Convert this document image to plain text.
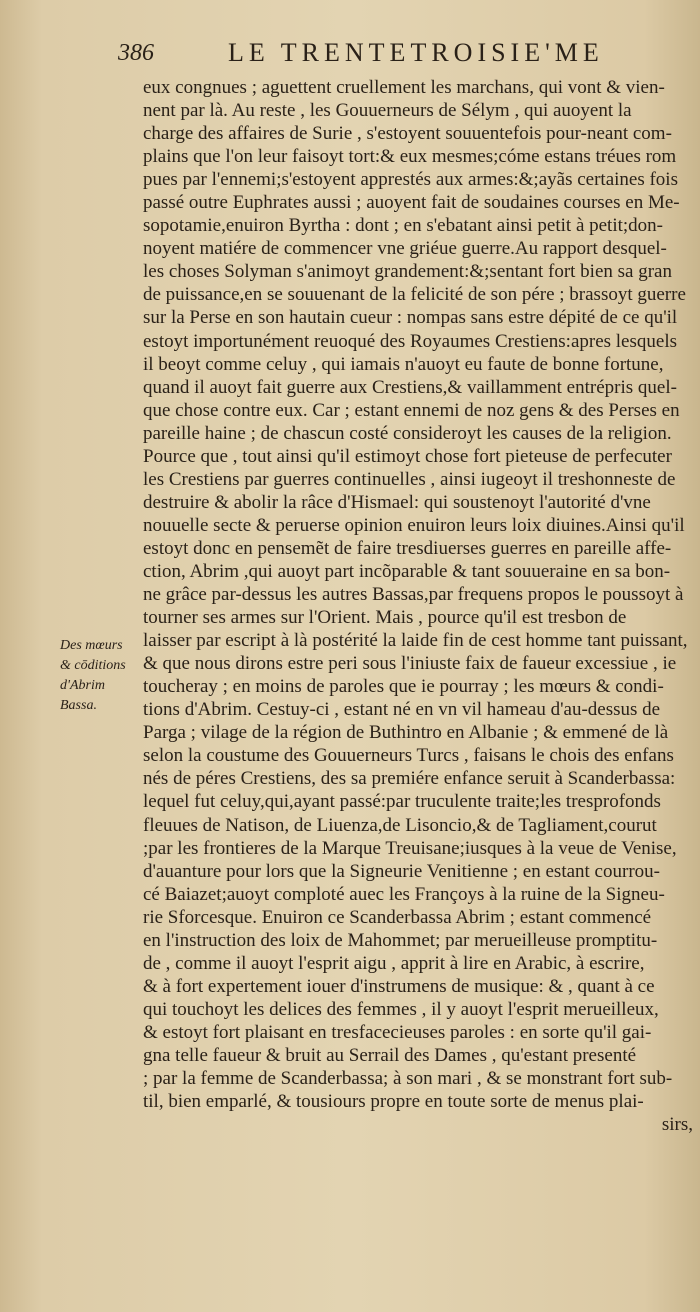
386	LE TRENTETROISIE'ME
Des mœurs
& cōditions
d'Abrim
Bassa.
eux congnues ; aguettent cruellement les marchans, qui vont & vien-
nent par là. Au reste , les Gouuerneurs de Sélym , qui auoyent la
charge des affaires de Surie , s'estoyent souuentefois pour-neant com-
plains que l'on leur faisoyt tort:& eux mesmes;cóme estans tréues rom
pues par l'ennemi;s'estoyent apprestés aux armes:&;ayãs certaines fois
passé outre Euphrates aussi ; auoyent fait de soudaines courses en Me-
sopotamie,enuiron Byrtha : dont ; en s'ebatant ainsi petit à petit;don-
noyent matiére de commencer vne griéue guerre.Au rapport desquel-
les choses Solyman s'animoyt grandement:&;sentant fort bien sa gran
de puissance,en se souuenant de la felicité de son pére ; brassoyt guerre
sur la Perse en son hautain cueur : nompas sans estre dépité de ce qu'il
estoyt importunément reuoqué des Royaumes Crestiens:apres lesquels
il beoyt comme celuy , qui iamais n'auoyt eu faute de bonne fortune,
quand il auoyt fait guerre aux Crestiens,& vaillamment entrépris quel-
que chose contre eux. Car ; estant ennemi de noz gens & des Perses en
pareille haine ; de chascun costé consideroyt les causes de la religion.
Pource que , tout ainsi qu'il estimoyt chose fort pieteuse de perfecuter
les Crestiens par guerres continuelles , ainsi iugeoyt il treshonneste de
destruire & abolir la râce d'Hismael: qui soustenoyt l'autorité d'vne
nouuelle secte & peruerse opinion enuiron leurs loix diuines.Ainsi qu'il
estoyt donc en pensemẽt de faire tresdiuerses guerres en pareille affe-
ction, Abrim ,qui auoyt part incõparable & tant souueraine en sa bon-
ne grâce par-dessus les autres Bassas,par frequens propos le poussoyt à
tourner ses armes sur l'Orient. Mais , pource qu'il est tresbon de
laisser par escript à là postérité la laide fin de cest homme tant puissant,
& que nous dirons estre peri sous l'iniuste faix de faueur excessiue , ie
toucheray ; en moins de paroles que ie pourray ; les mœurs & condi-
tions d'Abrim. Cestuy-ci , estant né en vn vil hameau d'au-dessus de
Parga ; vilage de la région de Buthintro en Albanie ; & emmené de là
selon la coustume des Gouuerneurs Turcs , faisans le chois des enfans
nés de péres Crestiens, des sa premiére enfance seruit à Scanderbassa:
lequel fut celuy,qui,ayant passé:par truculente traite;les tresprofonds
fleuues de Natison, de Liuenza,de Lisoncio,& de Tagliament,courut
;par les frontieres de la Marque Treuisane;iusques à la veue de Venise,
d'auanture pour lors que la Signeurie Venitienne ; en estant courrou-
cé Baiazet;auoyt comploté auec les Françoys à la ruine de la Signeu-
rie Sforcesque. Enuiron ce Scanderbassa Abrim ; estant commencé
en l'instruction des loix de Mahommet; par merueilleuse promptitu-
de , comme il auoyt l'esprit aigu , apprit à lire en Arabic, à escrire,
& à fort expertement iouer d'instrumens de musique: & , quant à ce
qui touchoyt les delices des femmes , il y auoyt l'esprit merueilleux,
& estoyt fort plaisant en tresfacecieuses paroles : en sorte qu'il gai-
gna telle faueur & bruit au Serrail des Dames , qu'estant presenté
; par la femme de Scanderbassa; à son mari , & se monstrant fort sub-
til, bien emparlé, & tousiours propre en toute sorte de menus plai-
sirs,
